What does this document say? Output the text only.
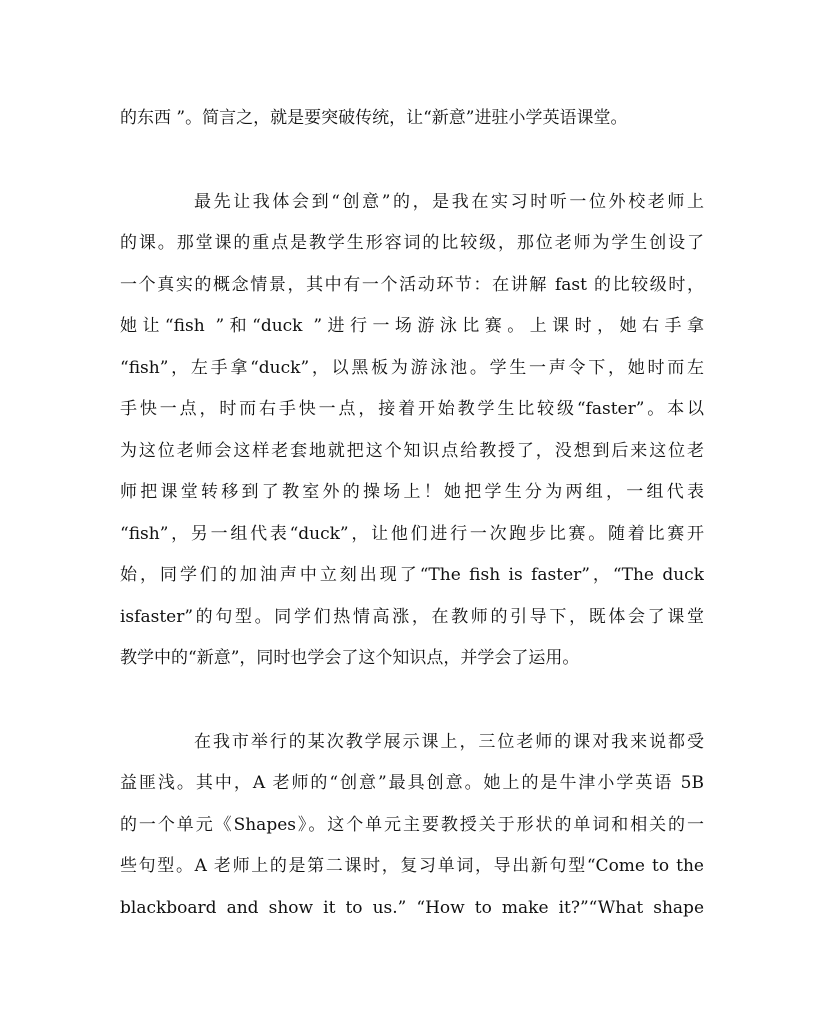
的东西 ”。简言之，就是要突破传统，让“新意”进驻小学英语课堂。
最先让我体会到“创意”的，是我在实习时听一位外校老师上
的课。那堂课的重点是教学生形容词的比较级，那位老师为学生创设了
一个真实的概念情景，其中有一个活动环节：在讲解 fast 的比较级时，
她让“fish ”和“duck ”进行一场游泳比赛。上课时，她右手拿
“fish”，左手拿“duck”，以黑板为游泳池。学生一声令下，她时而左
手快一点，时而右手快一点，接着开始教学生比较级“faster”。本以
为这位老师会这样老套地就把这个知识点给教授了，没想到后来这位老
师把课堂转移到了教室外的操场上！她把学生分为两组，一组代表
“fish”，另一组代表“duck”，让他们进行一次跑步比赛。随着比赛开
始，同学们的加油声中立刻出现了“The fish is faster”，“The duck
isfaster”的句型。同学们热情高涨，在教师的引导下，既体会了课堂
教学中的“新意”，同时也学会了这个知识点，并学会了运用。
在我市举行的某次教学展示课上，三位老师的课对我来说都受
益匪浅。其中，A 老师的“创意”最具创意。她上的是牛津小学英语 5B
的一个单元《Shapes》。这个单元主要教授关于形状的单词和相关的一
些句型。A 老师上的是第二课时，复习单词，导出新句型“Come to the
blackboard and show it to us.” “How to make it?”“What shape
